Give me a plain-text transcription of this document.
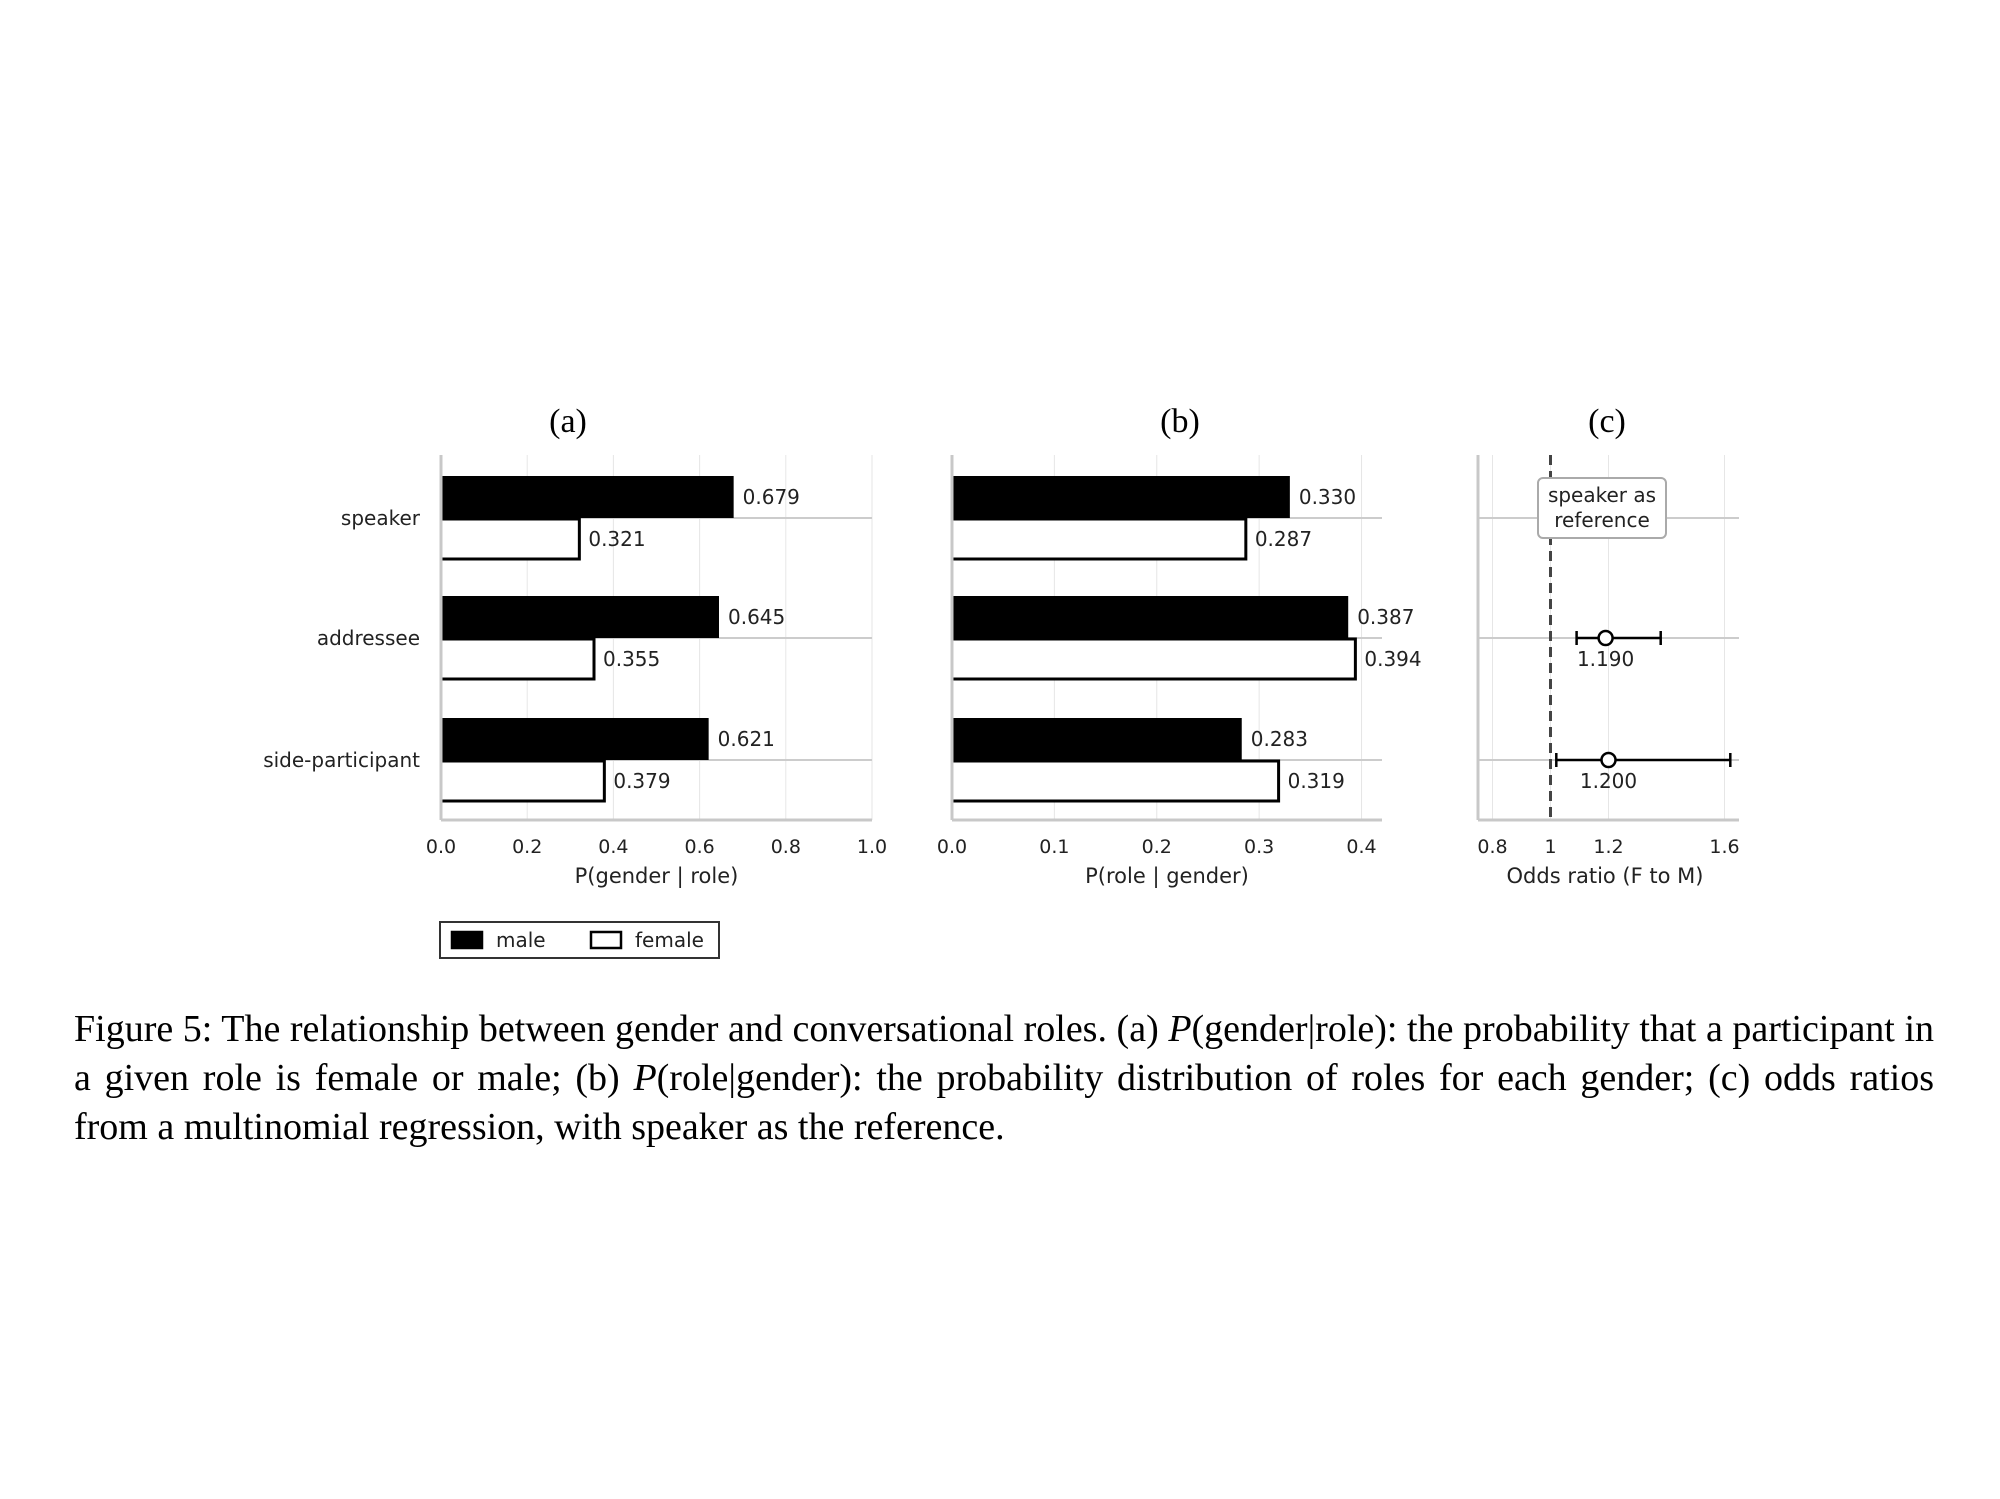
speaker
addressee
side-participant
0.679
0.321
0.645
0.355
0.621
0.379
0.0	0.2	0.4	0.6	0.8	1.0
P(gender | role)
(a)
0.330
0.287
0.387
0.394
0.283
0.319
0.0	0.1	0.2	0.3	0.4
P(role | gender)
(b)
speaker as
reference
1.190
1.200
0.8 1 1.2	1.6
Odds ratio (F to M)
(c)
male	female
Figure 5: The relationship between gender and conversational roles. (a) P(gender|role): the probability that a participant in a given role is female or male; (b) P(role|gender): the probability distribution of roles for each gender; (c) odds ratios from a multinomial regression, with speaker as the reference.
